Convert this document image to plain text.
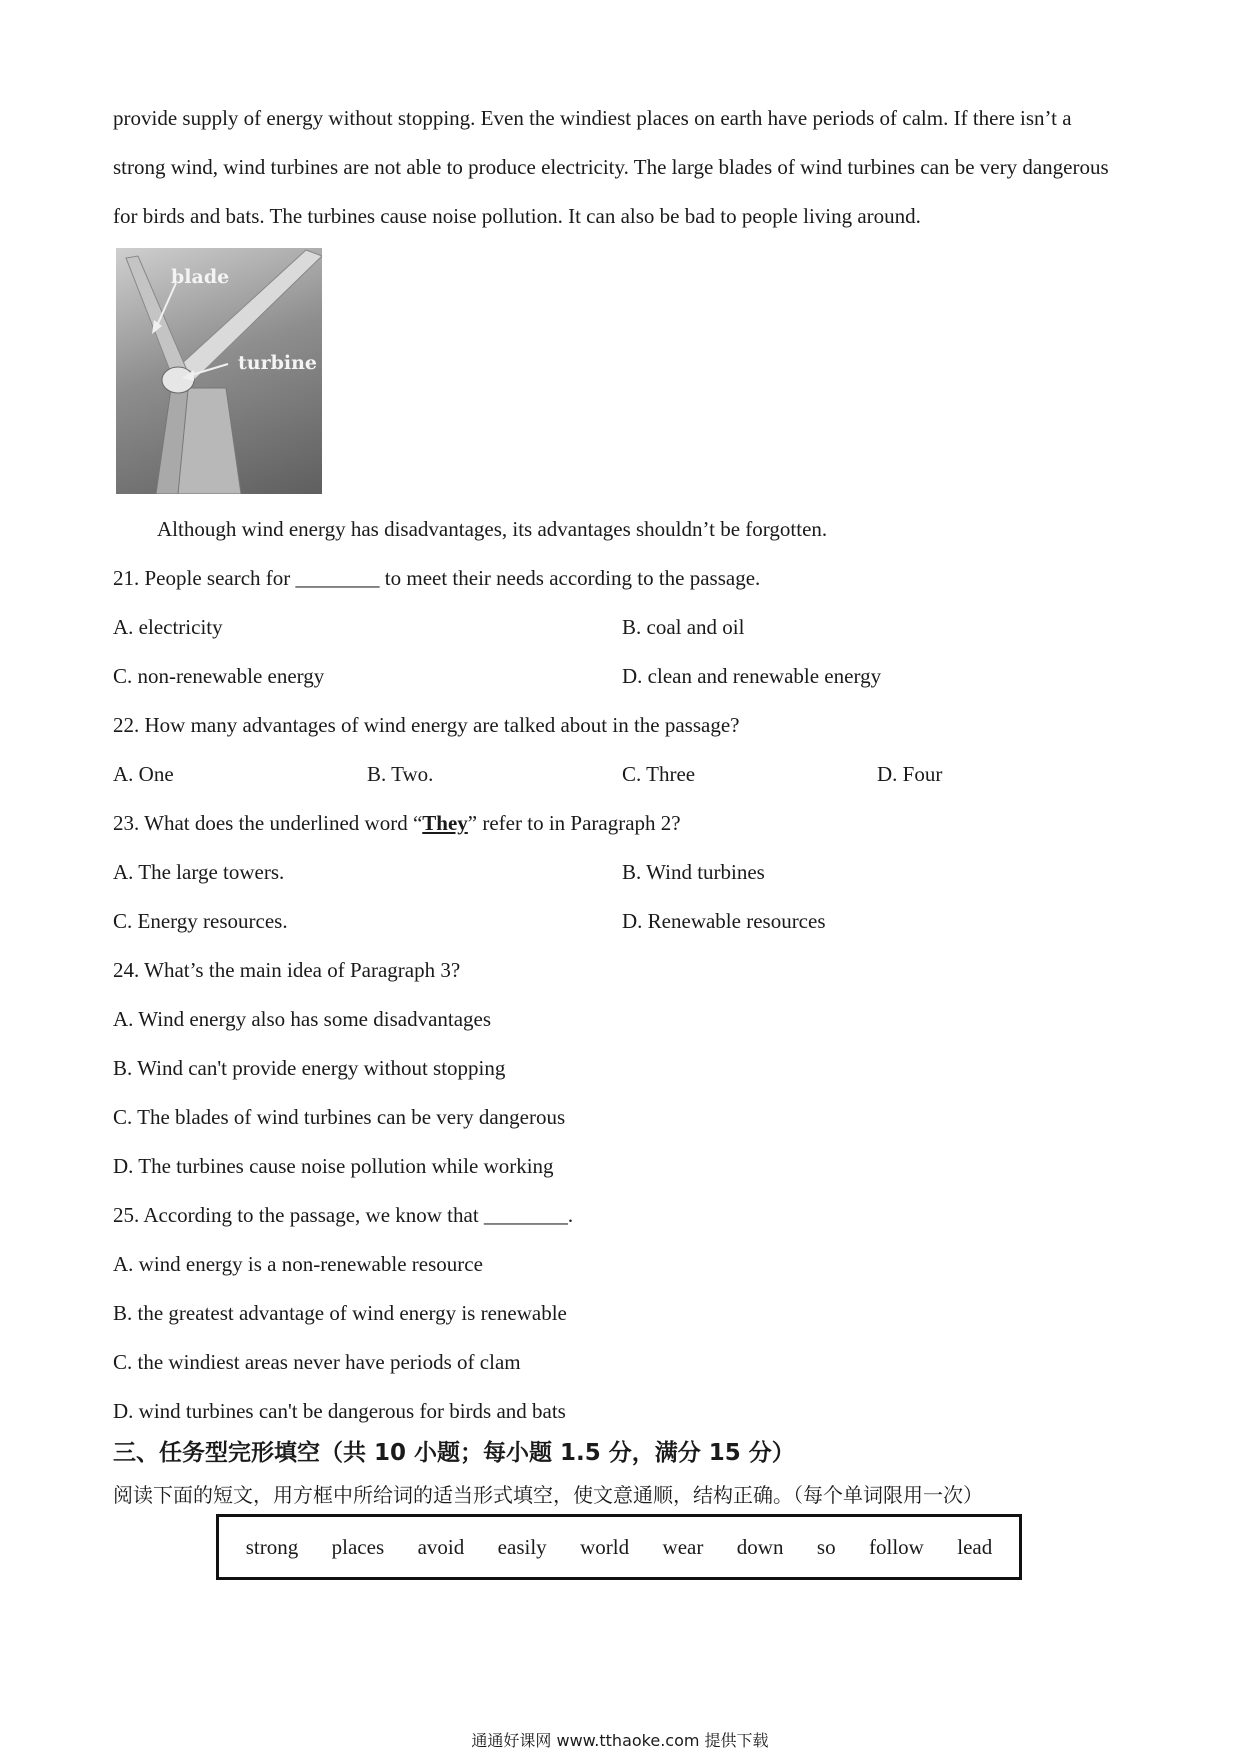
provide supply of energy without stopping. Even the windiest places on earth have periods of calm. If there isn’t a
strong wind, wind turbines are not able to produce electricity. The large blades of wind turbines can be very dangerous
for birds and bats. The turbines cause noise pollution. It can also be bad to people living around.
blade
turbine
Although wind energy has disadvantages, its advantages shouldn’t be forgotten.
21. People search for ________ to meet their needs according to the passage.
A. electricity	B. coal and oil
C. non-renewable energy	D. clean and renewable energy
22. How many advantages of wind energy are talked about in the passage?
A. One	B. Two.	C. Three	D. Four
23. What does the underlined word “They” refer to in Paragraph 2?
A. The large towers.	B. Wind turbines
C. Energy resources.	D. Renewable resources
24. What’s the main idea of Paragraph 3?
A. Wind energy also has some disadvantages
B. Wind can't provide energy without stopping
C. The blades of wind turbines can be very dangerous
D. The turbines cause noise pollution while working
25. According to the passage, we know that ________.
A. wind energy is a non-renewable resource
B. the greatest advantage of wind energy is renewable
C. the windiest areas never have periods of clam
D. wind turbines can't be dangerous for birds and bats
三、任务型完形填空（共 10 小题；每小题 1.5 分，满分 15 分）
阅读下面的短文，用方框中所给词的适当形式填空，使文意通顺，结构正确。（每个单词限用一次）
strong places avoid easily world wear down so follow lead
通通好课网 www.tthaoke.com 提供下载
